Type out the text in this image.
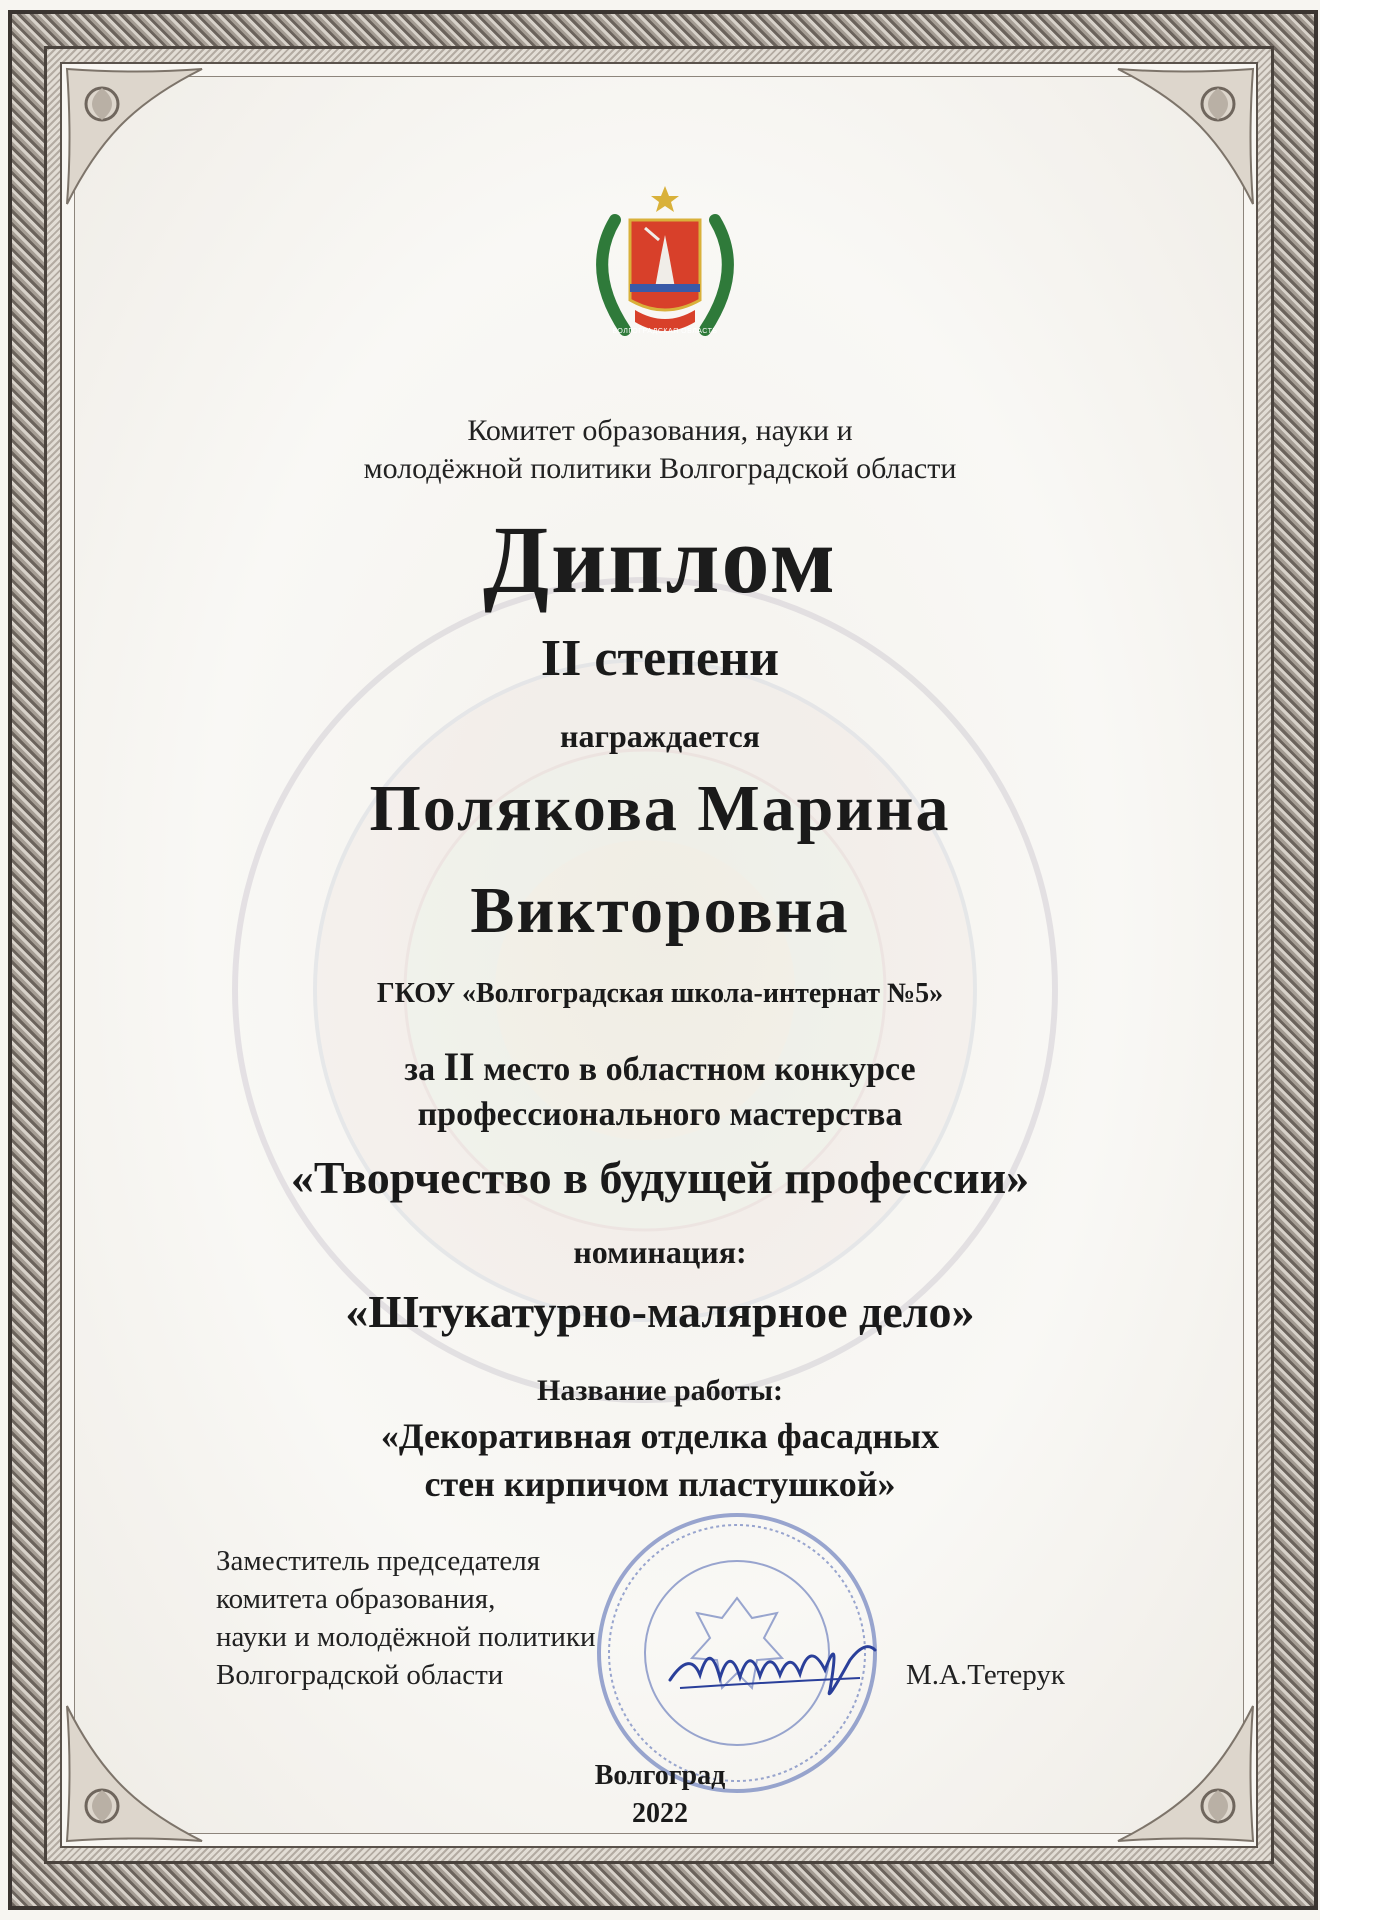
ВОЛГОГРАДСКАЯ ОБЛАСТЬ
Комитет образования, науки и
молодёжной политики Волгоградской области
Диплом
II степени
награждается
Полякова Марина
Викторовна
ГКОУ «Волгоградская школа-интернат №5»
за II место в областном конкурсе
профессионального мастерства
«Творчество в будущей профессии»
номинация:
«Штукатурно-малярное дело»
Название работы:
«Декоративная отделка фасадных
стен кирпичом пластушкой»
Заместитель председателя
комитета образования,
науки и молодёжной политики
Волгоградской области	М.А.Тетерук
Волгоград
2022
